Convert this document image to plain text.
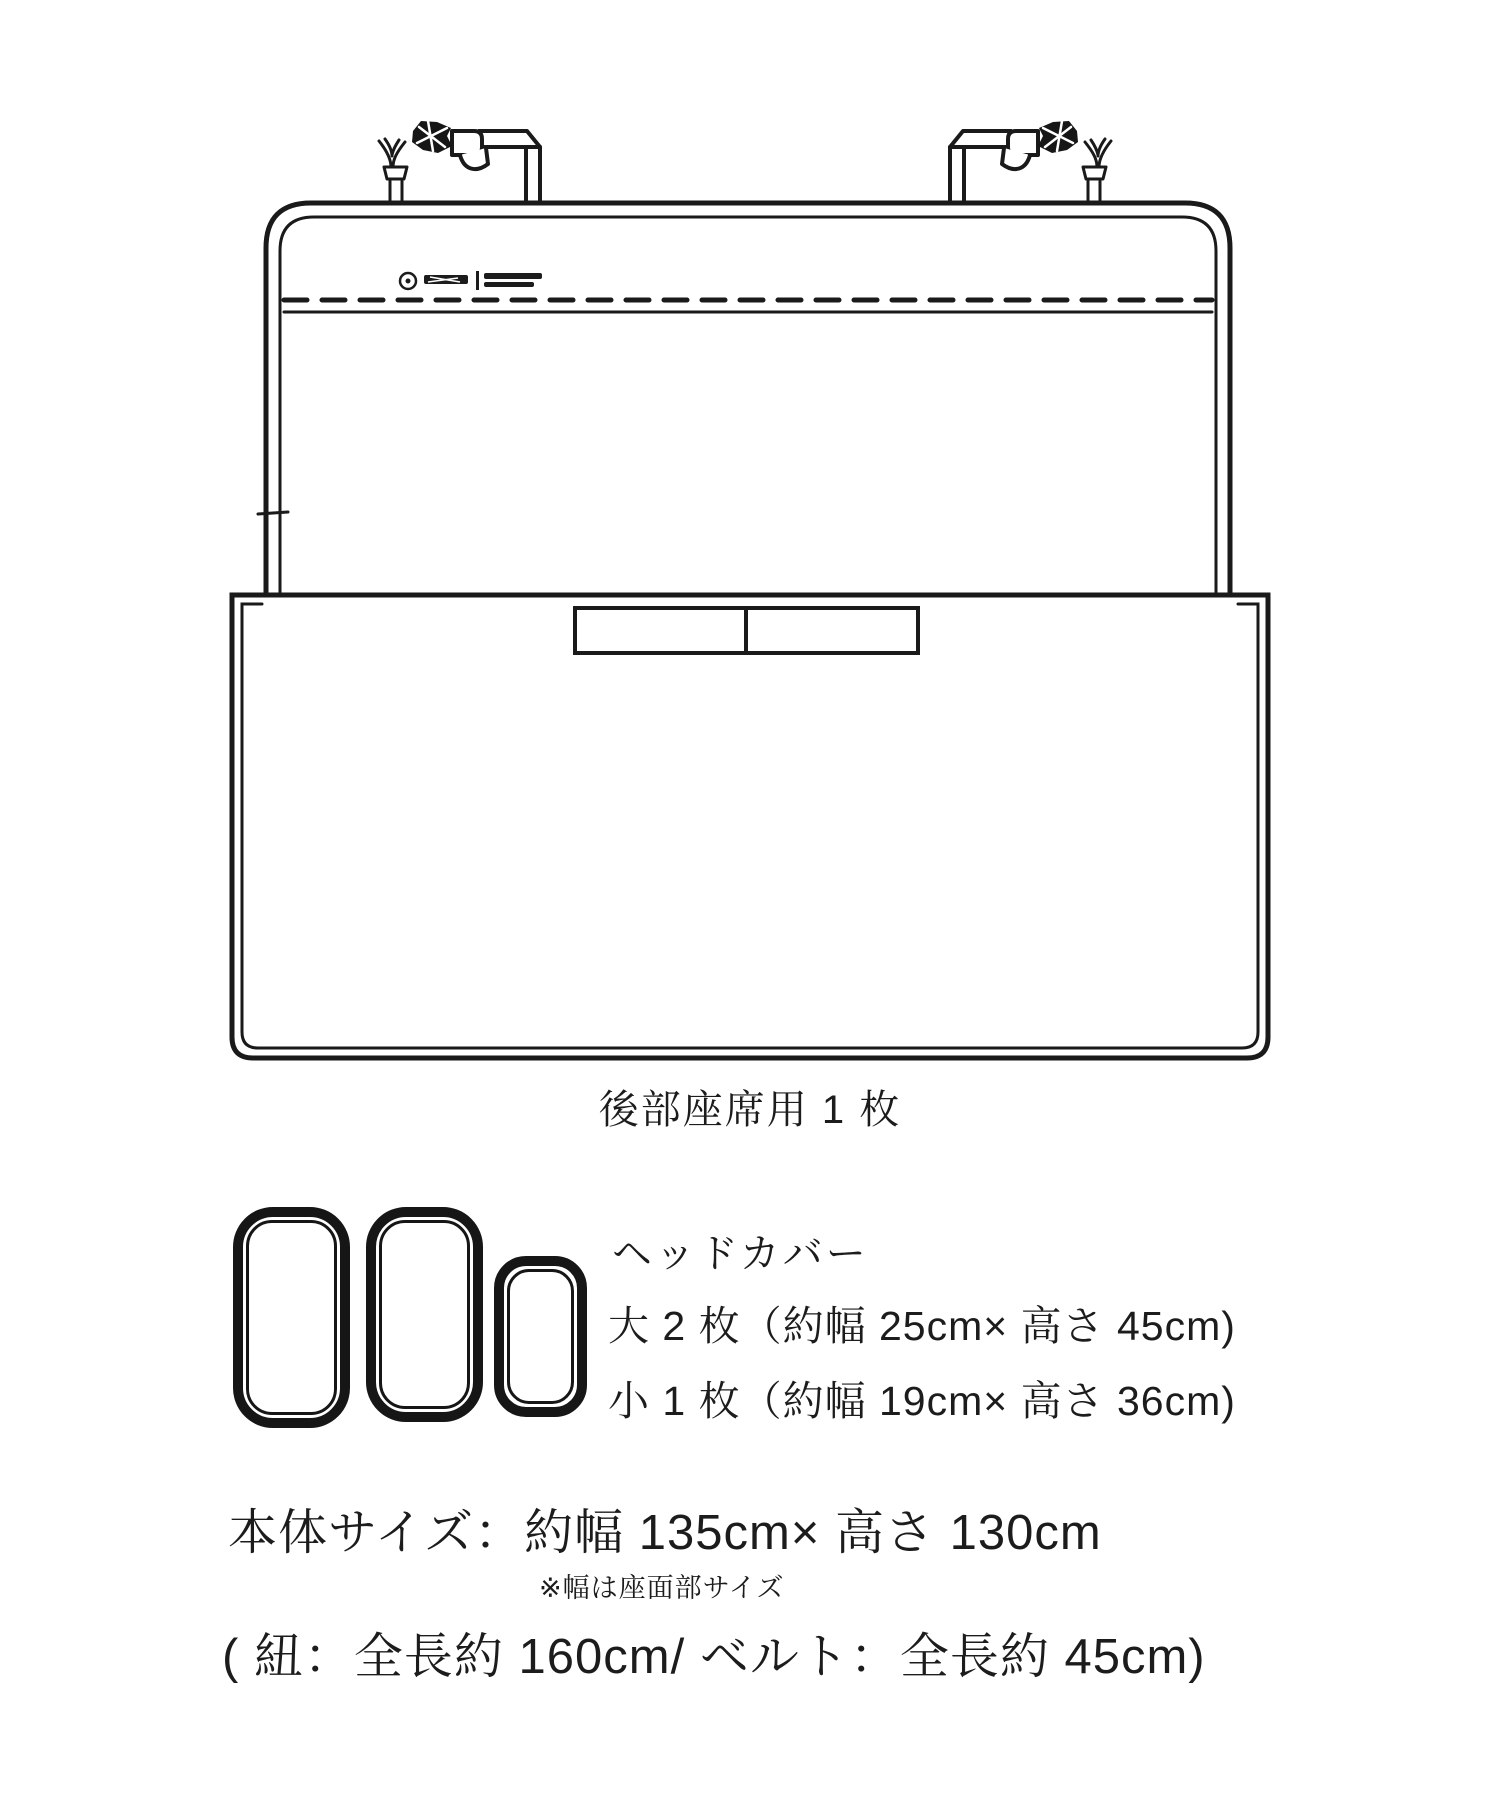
後部座席用 1 枚
ヘッドカバー
大 2 枚（約幅 25cm× 高さ 45cm)
小 1 枚（約幅 19cm× 高さ 36cm)
本体サイズ：約幅 135cm× 高さ 130cm
※幅は座面部サイズ
( 紐：全長約 160cm/ ベルト：全長約 45cm)
